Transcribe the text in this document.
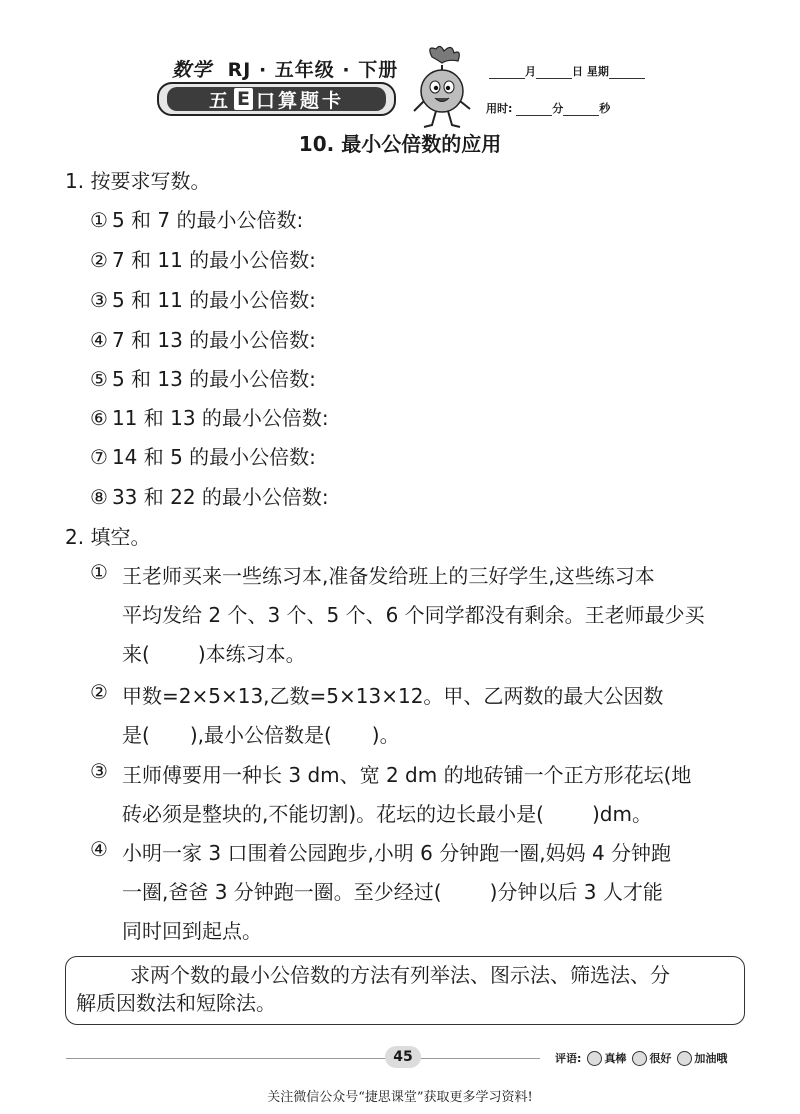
数学 RJ · 五年级 · 下册
五 E 口算题卡
月	日 星期
用时:	分	秒
10. 最小公倍数的应用
1. 按要求写数。
① 5 和 7 的最小公倍数:
② 7 和 11 的最小公倍数:
③ 5 和 11 的最小公倍数:
④ 7 和 13 的最小公倍数:
⑤ 5 和 13 的最小公倍数:
⑥ 11 和 13 的最小公倍数:
⑦ 14 和 5 的最小公倍数:
⑧ 33 和 22 的最小公倍数:
2. 填空。
① 王老师买来一些练习本,准备发给班上的三好学生,这些练习本
平均发给 2 个、3 个、5 个、6 个同学都没有剩余。王老师最少买
来( )本练习本。
② 甲数=2×5×13,乙数=5×13×12。甲、乙两数的最大公因数
是( ),最小公倍数是( )。
③ 王师傅要用一种长 3 dm、宽 2 dm 的地砖铺一个正方形花坛(地
砖必须是整块的,不能切割)。花坛的边长最小是( )dm。
④ 小明一家 3 口围着公园跑步,小明 6 分钟跑一圈,妈妈 4 分钟跑
一圈,爸爸 3 分钟跑一圈。至少经过( )分钟以后 3 人才能
同时回到起点。
求两个数的最小公倍数的方法有列举法、图示法、筛选法、分
解质因数法和短除法。
45	评语: 真棒 很好 加油哦
关注微信公众号“捷思课堂”获取更多学习资料!
